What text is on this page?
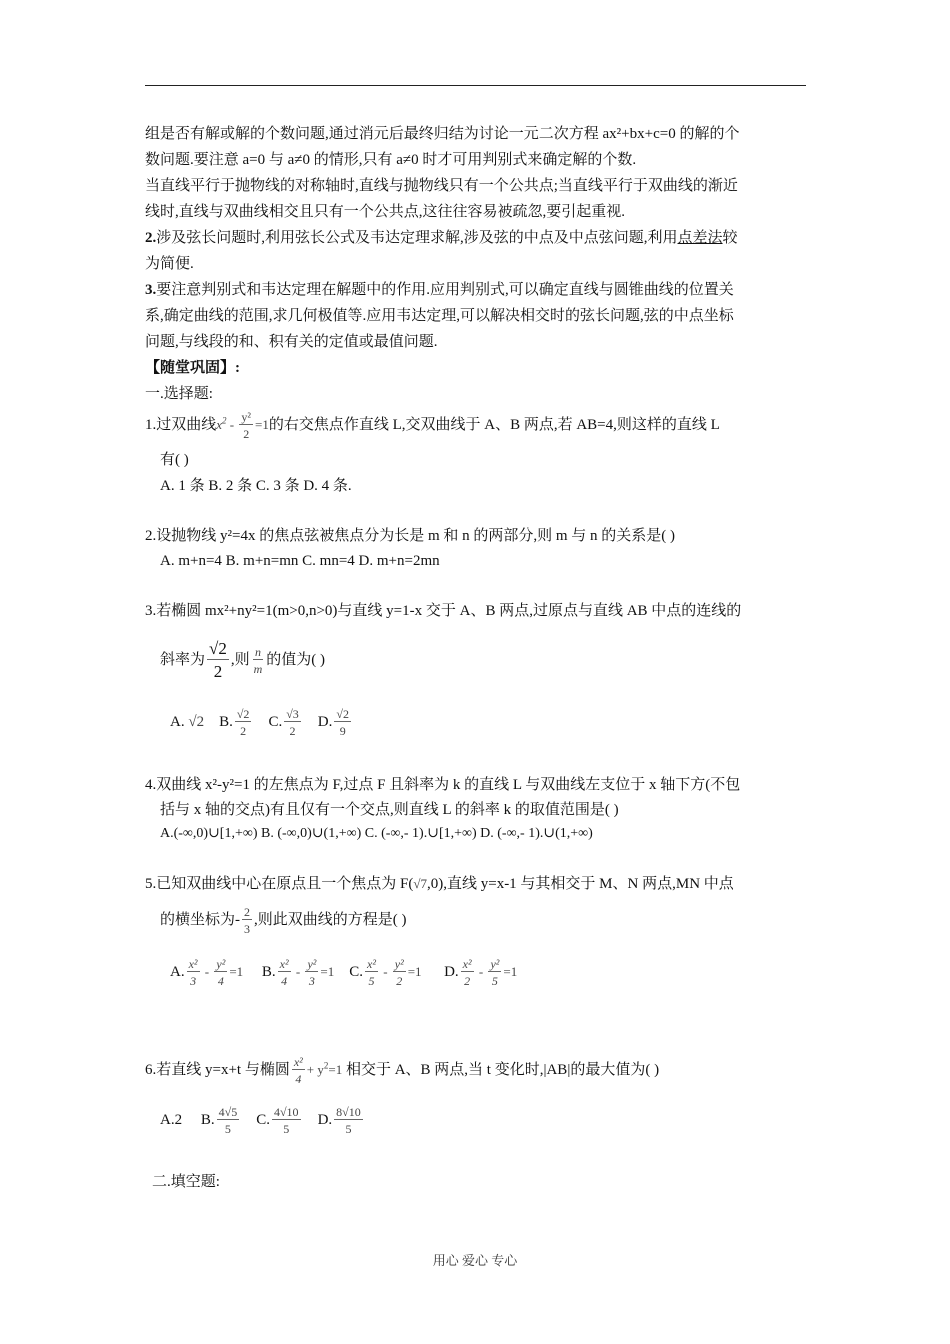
组是否有解或解的个数问题,通过消元后最终归结为讨论一元二次方程 ax²+bx+c=0 的解的个
数问题.要注意 a=0 与 a≠0 的情形,只有 a≠0 时才可用判别式来确定解的个数.
当直线平行于抛物线的对称轴时,直线与抛物线只有一个公共点;当直线平行于双曲线的渐近
线时,直线与双曲线相交且只有一个公共点,这往往容易被疏忽,要引起重视.
2.涉及弦长问题时,利用弦长公式及韦达定理求解,涉及弦的中点及中点弦问题,利用点差法较
为简便.
3.要注意判别式和韦达定理在解题中的作用.应用判别式,可以确定直线与圆锥曲线的位置关
系,确定曲线的范围,求几何极值等.应用韦达定理,可以解决相交时的弦长问题,弦的中点坐标
问题,与线段的和、积有关的定值或最值问题.
【随堂巩固】:
一.选择题:
1.过双曲线$x^2 - \frac{\text{y²}}{2} =1$的右交焦点作直线 L,交双曲线于 A、B 两点,若 AB=4,则这样的直线 L
有( )
A. 1 条 B. 2 条 C. 3 条 D. 4 条.
2.设抛物线 y²=4x 的焦点弦被焦点分为长是 m 和 n 的两部分,则 m 与 n 的关系是( )
A. m+n=4 B. m+n=mn C. mn=4 D. m+n=2mn
3.若椭圆 mx²+ny²=1(m>0,n>0)与直线 y=1-x 交于 A、B 两点,过原点与直线 AB 中点的连线的
斜率为 $\frac{√2}{2}$ ,则 $\frac{n}{m}$ 的值为( )
A. √2 B. $\frac{√2}{2} C$. $\frac{√3}{2} D$. $\frac{√2}{9}$
4.双曲线 x²-y²=1 的左焦点为 F,过点 F 且斜率为 k 的直线 L 与双曲线左支位于 x 轴下方(不包
括与 x 轴的交点)有且仅有一个交点,则直线 L 的斜率 k 的取值范围是( )
A.(-∞,0)∪[1,+∞) B. (-∞,0)∪(1,+∞) C. (-∞,- 1).∪[1,+∞) D. (-∞,- 1).∪(1,+∞)
5.已知双曲线中心在原点且一个焦点为 F(√7,0),直线 y=x-1 与其相交于 M、N 两点,MN 中点
的横坐标为- $\frac{2}{3}$ ,则此双曲线的方程是( )
A. $\frac{\text{x²}}{3} - \frac{\text{y²}}{4} =1$ B. $\frac{\text{x²}}{4} - \frac{\text{y²}}{3} =1$ C. $\frac{\text{x²}}{5} - \frac{\text{y²}}{2} =1$ D. $\frac{\text{x²}}{2} - \frac{\text{y²}}{5} =1$
6.若直线 y=x+t 与椭圆 $\frac{\text{x²}}{4} + y^2=1$ 相交于 A、B 两点,当 t 变化时,|AB|的最大值为( )
A.2 B. $\frac{4√5}{5} C$. $\frac{4√10}{5} D$. $\frac{8√10}{5}$
二.填空题:
用心 爱心 专心
